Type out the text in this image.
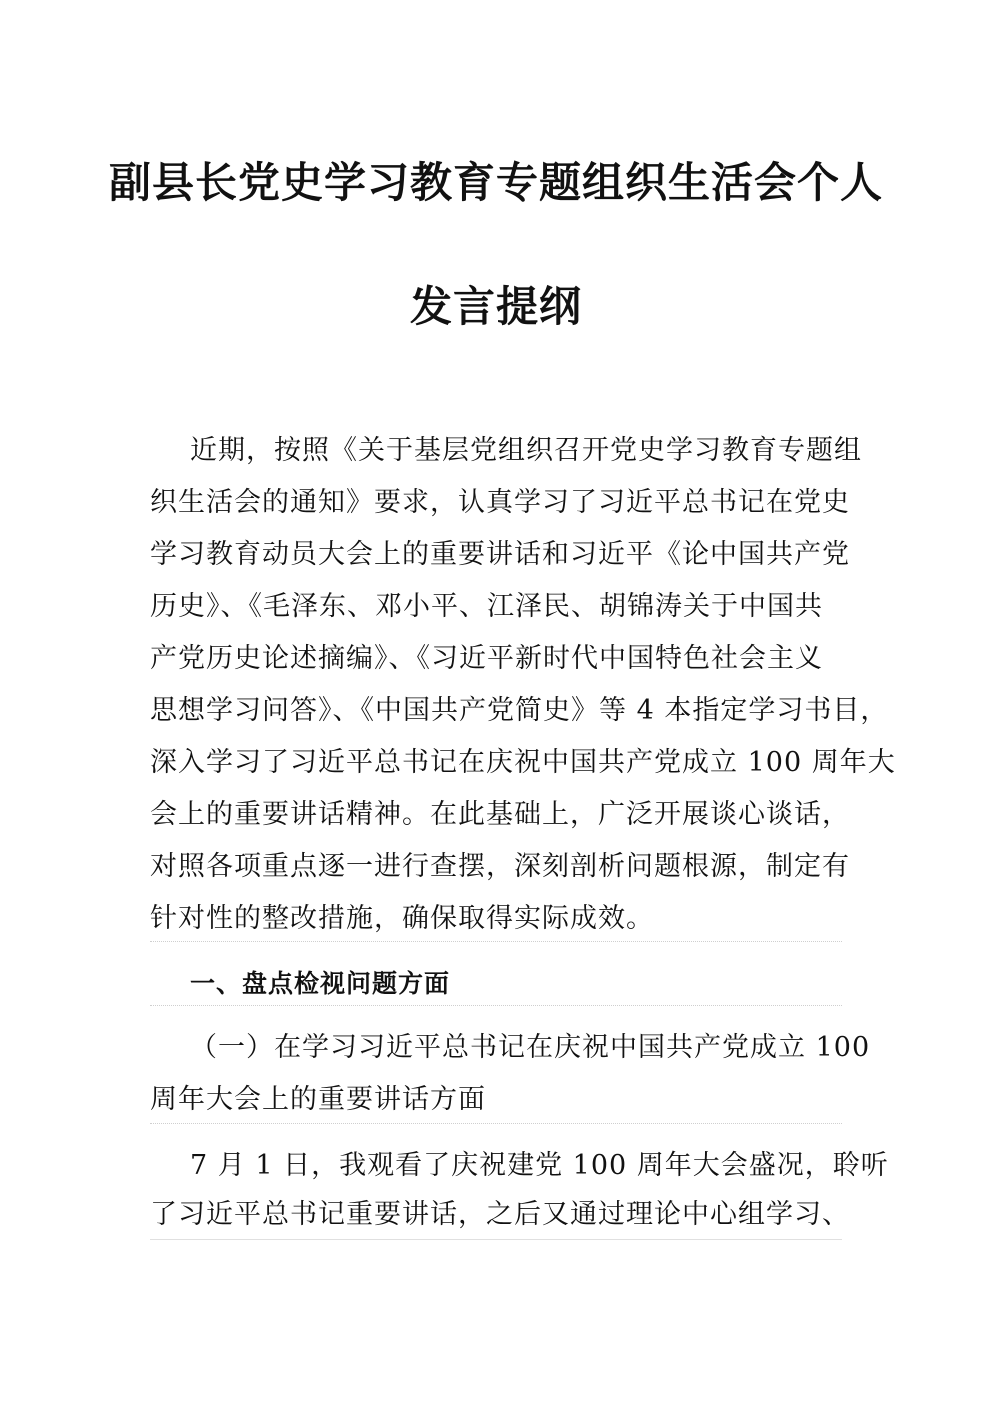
副县长党史学习教育专题组织生活会个人
发言提纲

近期，按照《关于基层党组织召开党史学习教育专题组

织生活会的通知》要求，认真学习了习近平总书记在党史

学习教育动员大会上的重要讲话和习近平《论中国共产党

历史》、《毛泽东、邓小平、江泽民、胡锦涛关于中国共

产党历史论述摘编》、《习近平新时代中国特色社会主义

思想学习问答》、《中国共产党简史》等 4 本指定学习书目，

深入学习了习近平总书记在庆祝中国共产党成立 100 周年大

会上的重要讲话精神。在此基础上，广泛开展谈心谈话，

对照各项重点逐一进行查摆，深刻剖析问题根源，制定有

针对性的整改措施，确保取得实际成效。

一、盘点检视问题方面

（一）在学习习近平总书记在庆祝中国共产党成立 100

周年大会上的重要讲话方面

7 月 1 日，我观看了庆祝建党 100 周年大会盛况，聆听

了习近平总书记重要讲话，之后又通过理论中心组学习、
